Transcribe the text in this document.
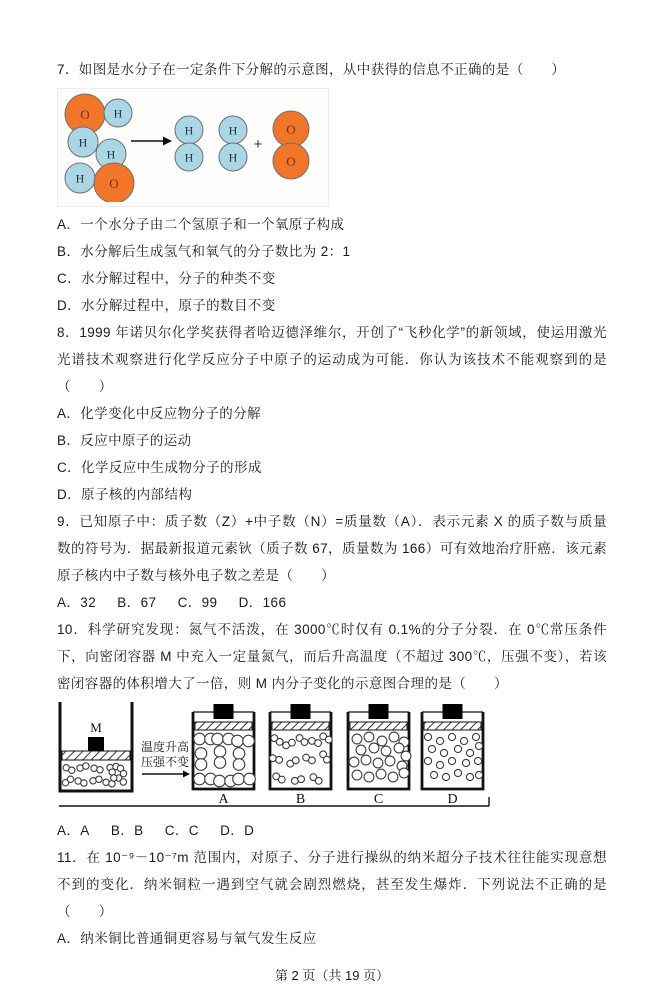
7．如图是水分子在一定条件下分解的示意图，从中获得的信息不正确的是（　　）

O H
H
H
H O
H
H
H
H
O
O
+

A．一个水分子由二个氢原子和一个氧原子构成

B．水分解后生成氢气和氧气的分子数比为 2：1

C．水分解过程中，分子的种类不变

D．水分解过程中，原子的数目不变

8．1999 年诺贝尔化学奖获得者哈迈德泽维尔，开创了“飞秒化学”的新领域，使运用激光光谱技术观察进行化学反应分子中原子的运动成为可能．你认为该技术不能观察到的是（　　）

A．化学变化中反应物分子的分解

B．反应中原子的运动

C．化学反应中生成物分子的形成

D．原子核的内部结构

9．已知原子中：质子数（Z）+中子数（N）=质量数（A）．表示元素 X 的质子数与质量数的符号为．据最新报道元素钬（质子数 67，质量数为 166）可有效地治疗肝癌．该元素原子核内中子数与核外电子数之差是（　　）

A．32 B．67 C．99 D．166

10．科学研究发现：氮气不活泼，在 3000℃时仅有 0.1%的分子分裂．在 0℃常压条件下，向密闭容器 M 中充入一定量氮气，而后升高温度（不超过 300℃，压强不变），若该密闭容器的体积增大了一倍，则 M 内分子变化的示意图合理的是（　　）

M
温度升高
压强不变
A	B	C	D

A．A B．B C．C D．D

11．在 10⁻⁹－10⁻⁷m 范围内，对原子、分子进行操纵的纳米超分子技术往往能实现意想不到的变化．纳米铜粒一遇到空气就会剧烈燃烧，甚至发生爆炸．下列说法不正确的是（　　）

A．纳米铜比普通铜更容易与氧气发生反应

第 2 页（共 19 页）
